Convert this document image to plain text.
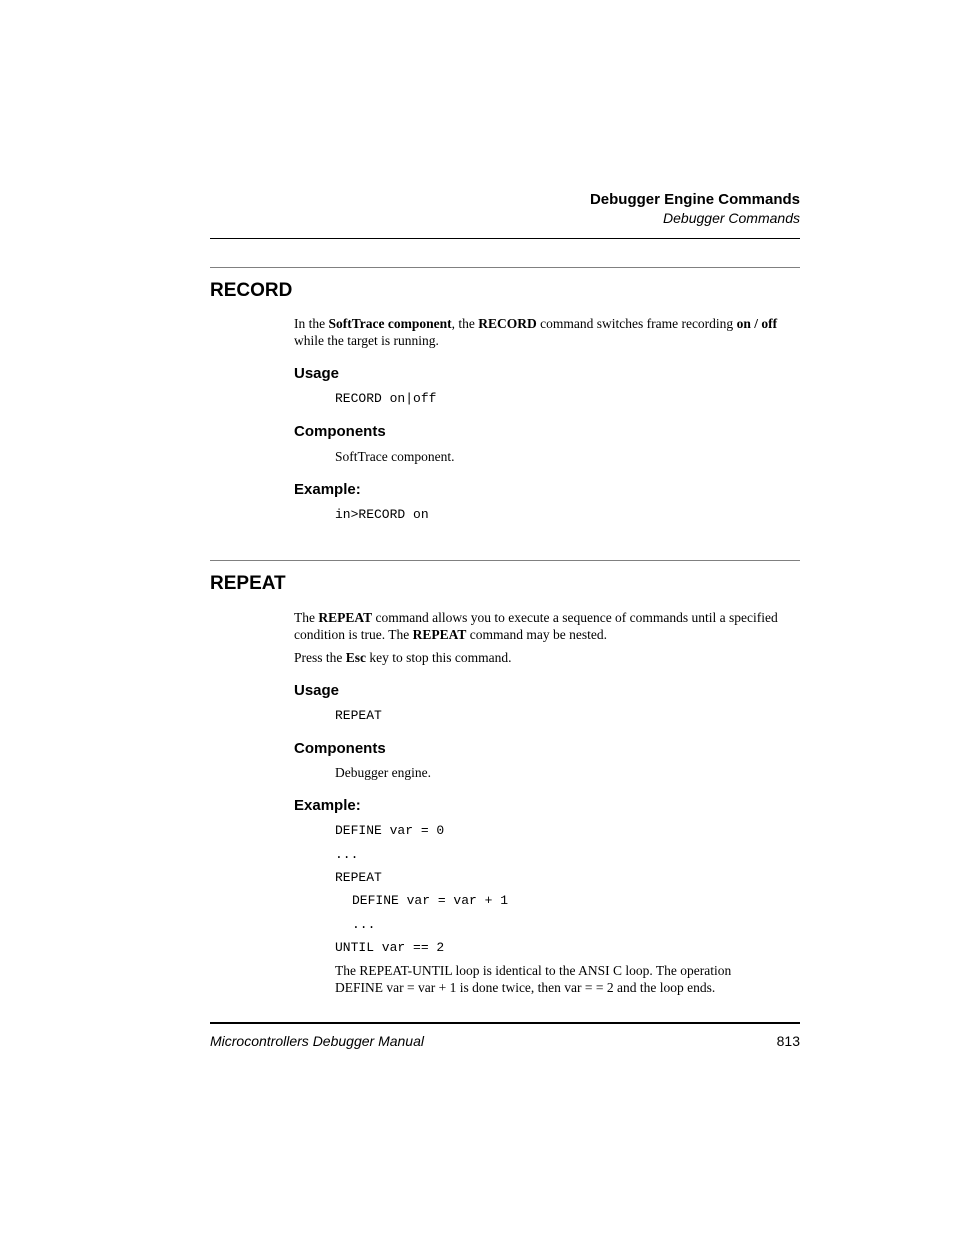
Debugger Engine Commands
Debugger Commands
RECORD
In the SoftTrace component, the RECORD command switches frame recording on / off while the target is running.
Usage
RECORD on|off
Components
SoftTrace component.
Example:
in>RECORD on
REPEAT
The REPEAT command allows you to execute a sequence of commands until a specified condition is true. The REPEAT command may be nested.
Press the Esc key to stop this command.
Usage
REPEAT
Components
Debugger engine.
Example:
DEFINE var = 0
...
REPEAT
DEFINE var = var + 1
...
UNTIL var == 2
The REPEAT-UNTIL loop is identical to the ANSI C loop. The operation
DEFINE var = var + 1 is done twice, then var = = 2 and the loop ends.
Microcontrollers Debugger Manual	813
